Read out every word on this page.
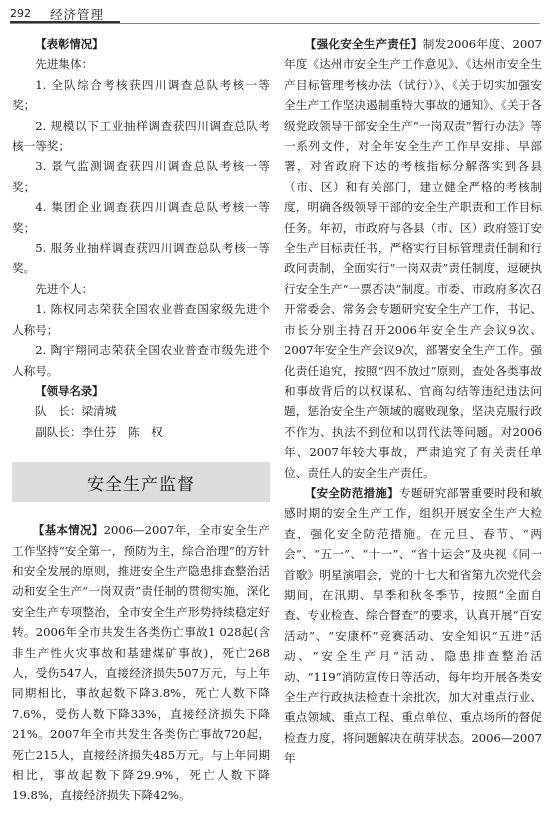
292 经济管理
【表彰情况】
先进集体：
1. 全队综合考核获四川调查总队考核一等奖；
2. 规模以下工业抽样调查获四川调查总队考核一等奖；
3. 景气监测调查获四川调查总队考核一等奖；
4. 集团企业调查获四川调查总队考核一等奖；
5. 服务业抽样调查获四川调查总队考核一等奖。
先进个人：
1. 陈权同志荣获全国农业普查国家级先进个人称号；
2. 陶宇翔同志荣获全国农业普查市级先进个人称号。
【领导名录】
队　长：梁清城
副队长：李仕芬　陈　权
安全生产监督
【基本情况】2006—2007年，全市安全生产工作坚持“安全第一，预防为主，综合治理”的方针和安全发展的原则，推进安全生产隐患排查整治活动和安全生产“一岗双责”责任制的贯彻实施，深化安全生产专项整治，全市安全生产形势持续稳定好转。2006年全市共发生各类伤亡事故1 028起(含非生产性火灾事故和基建煤矿事故)，死亡268人，受伤547人，直接经济损失507万元，与上年同期相比，事故起数下降3.8%，死亡人数下降7.6%，受伤人数下降33%，直接经济损失下降21%。2007年全市共发生各类伤亡事故720起，死亡215人，直接经济损失485万元。与上年同期相比，事故起数下降29.9%，死亡人数下降19.8%，直接经济损失下降42%。
【强化安全生产责任】制发2006年度、2007年度《达州市安全生产工作意见》、《达州市安全生产目标管理考核办法（试行）》、《关于切实加强安全生产工作坚决遏制重特大事故的通知》、《关于各级党政领导干部安全生产“一岗双责”暂行办法》等一系列文件，对全年安全生产工作早安排、早部署，对省政府下达的考核指标分解落实到各县（市、区）和有关部门，建立健全严格的考核制度，明确各级领导干部的安全生产职责和工作目标任务。年初，市政府与各县（市、区）政府签订安全生产目标责任书，严格实行目标管理责任制和行政问责制，全面实行“一岗双责”责任制度，逗硬执行安全生产“一票否决”制度。市委、市政府多次召开常委会、常务会专题研究安全生产工作，书记、市长分别主持召开2006年安全生产会议9次、2007年安全生产会议9次，部署安全生产工作。强化责任追究，按照“四不放过”原则，查处各类事故和事故背后的以权谋私、官商勾结等违纪违法问题，惩治安全生产领域的腐败现象，坚决克服行政不作为、执法不到位和以罚代法等问题。对2006年、2007年较大事故，严肃追究了有关责任单位、责任人的安全生产责任。
【安全防范措施】专题研究部署重要时段和敏感时期的安全生产工作，组织开展安全生产大检查，强化安全防范措施。在元旦、春节、“两会”、“五一”、“十一”、“省十运会”及央视《同一首歌》明星演唱会，党的十七大和省第九次党代会期间，在汛期、旱季和秋冬季节，按照“全面自查、专业检查、综合督查”的要求，认真开展“百安活动”、“安康杯”竞赛活动、安全知识“五进”活动、“安全生产月”活动、隐患排查整治活动、“119”消防宣传日等活动，每年均开展各类安全生产行政执法检查十余批次，加大对重点行业、重点领域、重点工程、重点单位、重点场所的督促检查力度，将问题解决在萌芽状态。2006—2007年
